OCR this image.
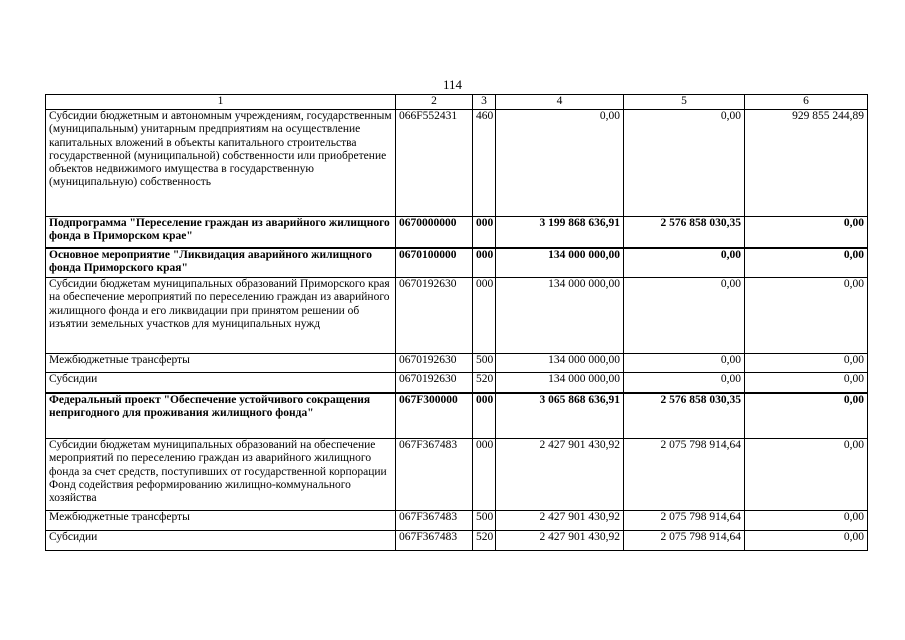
114
1	2	3	4	5	6
Субсидии бюджетным и автономным учреждениям, государственным (муниципальным) унитарным предприятиям на осуществление капитальных вложений в объекты капитального строительства государственной (муниципальной) собственности или приобретение объектов недвижимого имущества в государственную (муниципальную) собственность	066F552431	460	0,00	0,00	929 855 244,89
Подпрограмма "Переселение граждан из аварийного жилищного фонда в Приморском крае"	0670000000	000	3 199 868 636,91	2 576 858 030,35	0,00
Основное мероприятие "Ликвидация аварийного жилищного фонда Приморского края"	0670100000	000	134 000 000,00	0,00	0,00
Субсидии бюджетам муниципальных образований Приморского края на обеспечение мероприятий по переселению граждан из аварийного жилищного фонда и его ликвидации при принятом решении об изъятии земельных участков для муниципальных нужд	0670192630	000	134 000 000,00	0,00	0,00
Межбюджетные трансферты	0670192630	500	134 000 000,00	0,00	0,00
Субсидии	0670192630	520	134 000 000,00	0,00	0,00
Федеральный проект "Обеспечение устойчивого сокращения непригодного для проживания жилищного фонда"	067F300000	000	3 065 868 636,91	2 576 858 030,35	0,00
Субсидии бюджетам муниципальных образований на обеспечение мероприятий по переселению граждан из аварийного жилищного фонда за счет средств, поступивших от государственной корпорации Фонд содействия реформированию жилищно-коммунального хозяйства	067F367483	000	2 427 901 430,92	2 075 798 914,64	0,00
Межбюджетные трансферты	067F367483	500	2 427 901 430,92	2 075 798 914,64	0,00
Субсидии	067F367483	520	2 427 901 430,92	2 075 798 914,64	0,00
